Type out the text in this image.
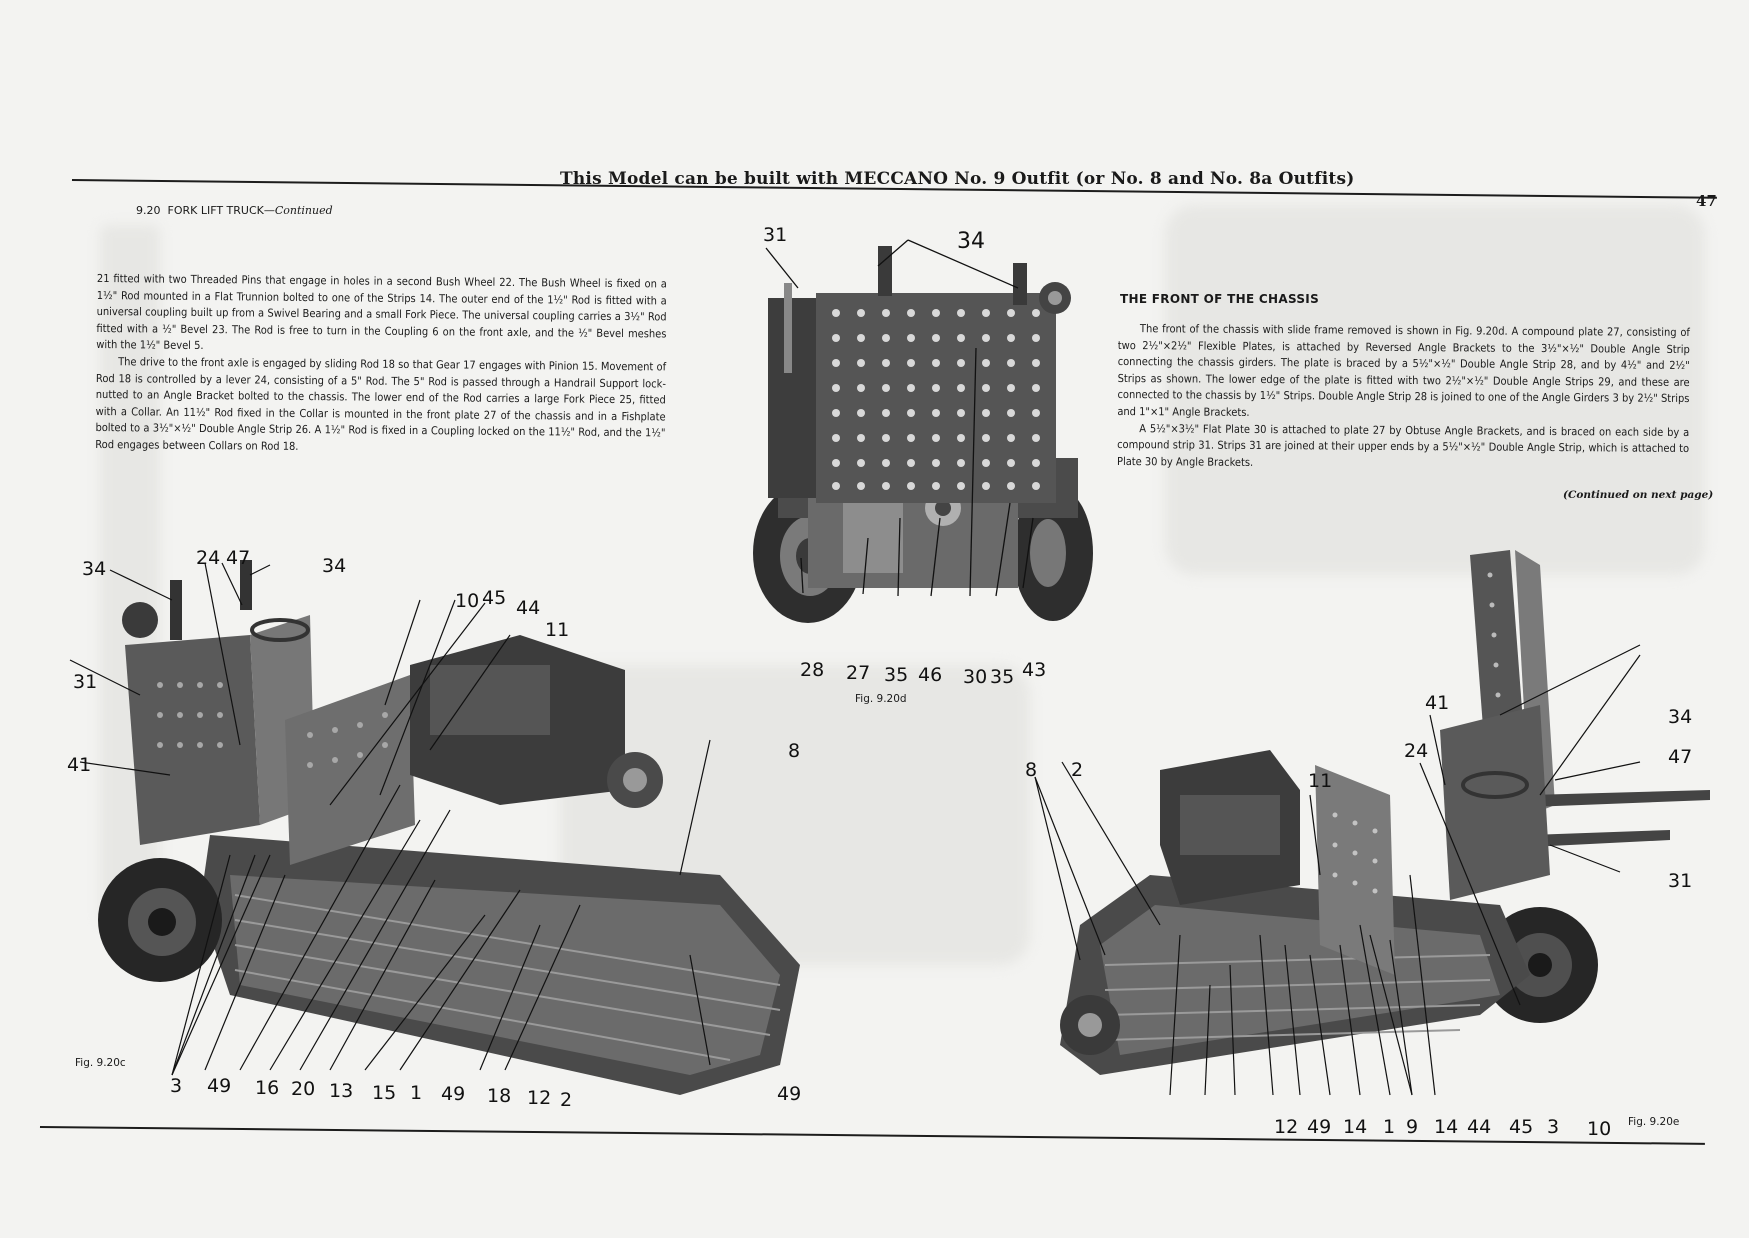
This Model can be built with MECCANO No. 9 Outfit (or No. 8 and No. 8a Outfits)
47
9.20 FORK LIFT TRUCK—Continued

21 fitted with two Threaded Pins that engage in holes in a second Bush Wheel 22. The Bush Wheel is fixed on a 1½" Rod mounted in a Flat Trunnion bolted to one of the Strips 14. The outer end of the 1½" Rod is fitted with a universal coupling built up from a Swivel Bearing and a small Fork Piece. The universal coupling carries a 3½" Rod fitted with a ½" Bevel 23. The Rod is free to turn in the Coupling 6 on the front axle, and the ½" Bevel meshes with the 1½" Bevel 5.

The drive to the front axle is engaged by sliding Rod 18 so that Gear 17 engages with Pinion 15. Movement of Rod 18 is controlled by a lever 24, consisting of a 5" Rod. The 5" Rod is passed through a Handrail Support lock-nutted to an Angle Bracket bolted to the chassis. The lower end of the Rod carries a large Fork Piece 25, fitted with a Collar. An 11½" Rod fixed in the Collar is mounted in the front plate 27 of the chassis and in a Fishplate bolted to a 3½"×½" Double Angle Strip 26. A 1½" Rod is fixed in a Coupling locked on the 11½" Rod, and the 1½" Rod engages between Collars on Rod 18.

THE FRONT OF THE CHASSIS

The front of the chassis with slide frame removed is shown in Fig. 9.20d. A compound plate 27, consisting of two 2½"×2½" Flexible Plates, is attached by Reversed Angle Brackets to the 3½"×½" Double Angle Strip connecting the chassis girders. The plate is braced by a 5½"×½" Double Angle Strip 28, and by 4½" and 2½" Strips as shown. The lower edge of the plate is fitted with two 2½"×½" Double Angle Strips 29, and these are connected to the chassis by 1½" Strips. Double Angle Strip 28 is joined to one of the Angle Girders 3 by 2½" Strips and 1"×1" Angle Brackets.

A 5½"×3½" Flat Plate 30 is attached to plate 27 by Obtuse Angle Brackets, and is braced on each side by a compound strip 31. Strips 31 are joined at their upper ends by a 5½"×½" Double Angle Strip, which is attached to Plate 30 by Angle Brackets.

(Continued on next page)
31	34
28 27 35 46 30 35 43
Fig. 9.20d
34	24 47	34
31
41
10 45 44
11
8
3 49 16 20 13 15 1 49 18 12 2	49
Fig. 9.20c
41
34
24	47
31
8 2	11
12 49 14 1 9 14 44 45 3 10 Fig. 9.20e
